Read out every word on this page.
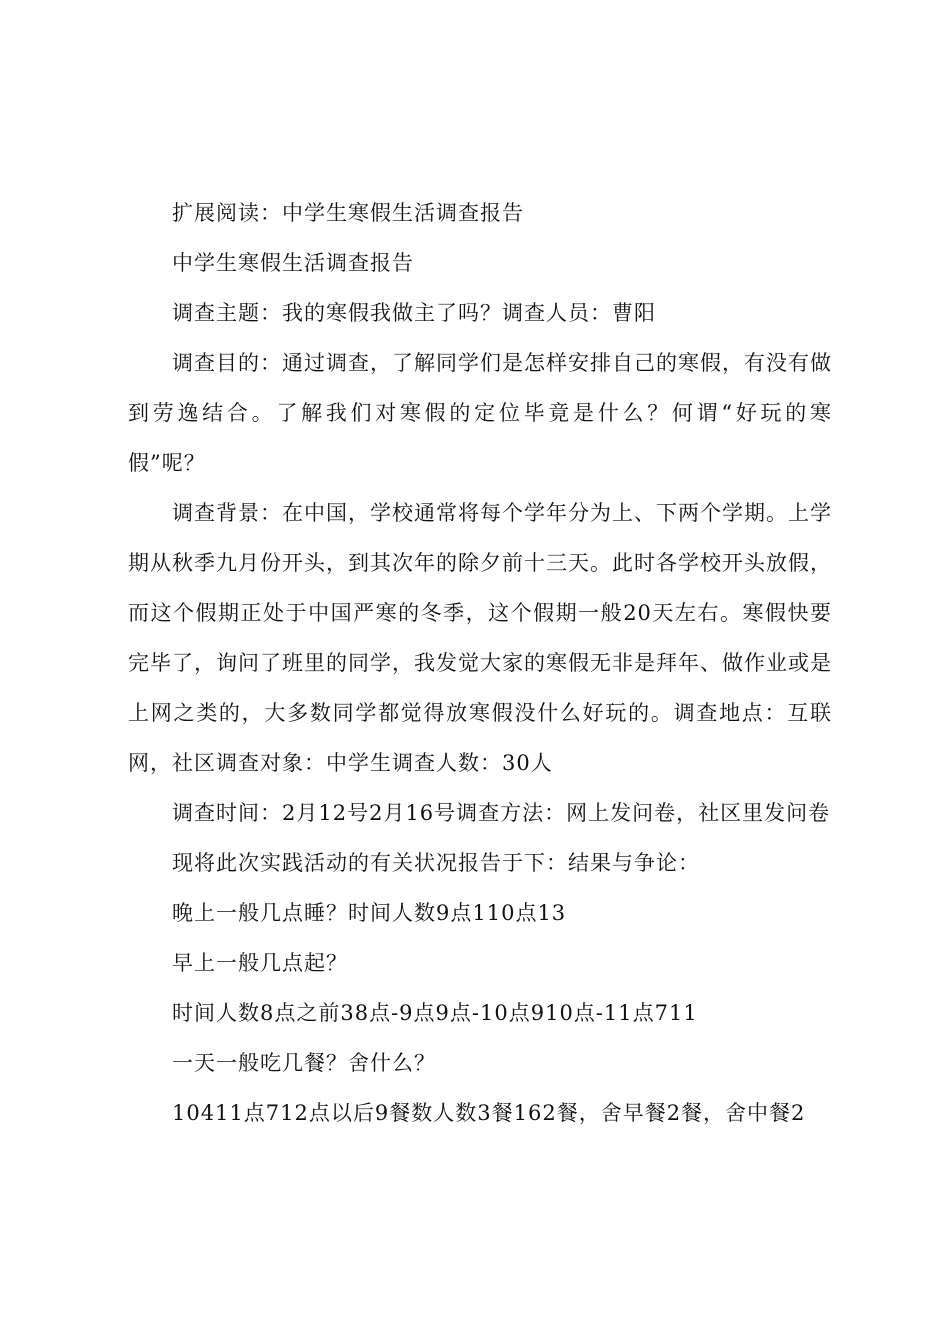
扩展阅读：中学生寒假生活调查报告

中学生寒假生活调查报告

调查主题：我的寒假我做主了吗？调查人员：曹阳

调查目的：通过调查，了解同学们是怎样安排自己的寒假，有没有做到劳逸结合。了解我们对寒假的定位毕竟是什么？何谓“好玩的寒假”呢？

调查背景：在中国，学校通常将每个学年分为上、下两个学期。上学期从秋季九月份开头，到其次年的除夕前十三天。此时各学校开头放假，而这个假期正处于中国严寒的冬季，这个假期一般20天左右。寒假快要完毕了，询问了班里的同学，我发觉大家的寒假无非是拜年、做作业或是上网之类的，大多数同学都觉得放寒假没什么好玩的。调查地点：互联网，社区调查对象：中学生调查人数：30人

调查时间：2月12号2月16号调查方法：网上发问卷，社区里发问卷

现将此次实践活动的有关状况报告于下：结果与争论：

晚上一般几点睡？时间人数9点110点13

早上一般几点起？

时间人数8点之前38点-9点9点-10点910点-11点711

一天一般吃几餐？舍什么？

10411点712点以后9餐数人数3餐162餐，舍早餐2餐，舍中餐2
